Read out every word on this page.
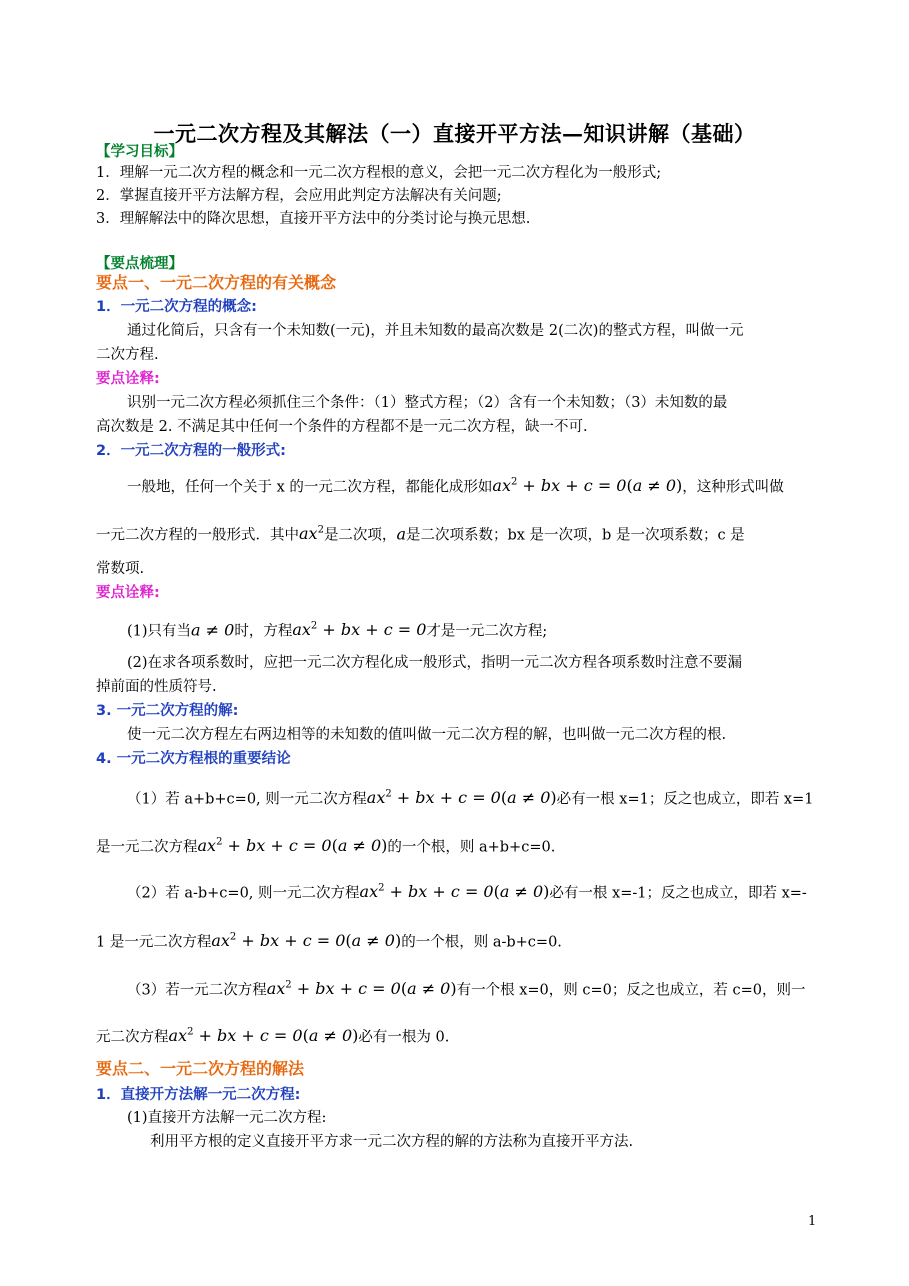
一元二次方程及其解法（一）直接开平方法—知识讲解（基础）
【学习目标】
1．理解一元二次方程的概念和一元二次方程根的意义，会把一元二次方程化为一般形式;
2．掌握直接开平方法解方程，会应用此判定方法解决有关问题;
3．理解解法中的降次思想，直接开平方法中的分类讨论与换元思想.
【要点梳理】
要点一、一元二次方程的有关概念
1．一元二次方程的概念:
通过化简后，只含有一个未知数(一元)，并且未知数的最高次数是 2(二次)的整式方程，叫做一元
二次方程.
要点诠释:
识别一元二次方程必须抓住三个条件：（1）整式方程；（2）含有一个未知数；（3）未知数的最
高次数是 2. 不满足其中任何一个条件的方程都不是一元二次方程，缺一不可.
2．一元二次方程的一般形式:
一般地，任何一个关于 x 的一元二次方程，都能化成形如$ax^2$ + bx + c = 0(a ≠ 0)，这种形式叫做
一元二次方程的一般形式．其中$ax^2$是二次项，a是二次项系数；bx 是一次项，b 是一次项系数；c 是
常数项.
要点诠释:
(1)只有当a ≠ 0时，方程$ax^2$ + bx + c = 0才是一元二次方程;
(2)在求各项系数时，应把一元二次方程化成一般形式，指明一元二次方程各项系数时注意不要漏
掉前面的性质符号.
3. 一元二次方程的解:
使一元二次方程左右两边相等的未知数的值叫做一元二次方程的解，也叫做一元二次方程的根.
4. 一元二次方程根的重要结论
（1）若 a+b+c=0, 则一元二次方程$ax^2$ + bx + c = 0(a ≠ 0)必有一根 x=1；反之也成立，即若 x=1
是一元二次方程$ax^2$ + bx + c = 0(a ≠ 0)的一个根，则 a+b+c=0.
（2）若 a-b+c=0, 则一元二次方程$ax^2$ + bx + c = 0(a ≠ 0)必有一根 x=-1；反之也成立，即若 x=-
1 是一元二次方程$ax^2$ + bx + c = 0(a ≠ 0)的一个根，则 a-b+c=0.
（3）若一元二次方程$ax^2$ + bx + c = 0(a ≠ 0)有一个根 x=0，则 c=0；反之也成立，若 c=0，则一
元二次方程$ax^2$ + bx + c = 0(a ≠ 0)必有一根为 0.
要点二、一元二次方程的解法
1．直接开方法解一元二次方程:
(1)直接开方法解一元二次方程:
利用平方根的定义直接开平方求一元二次方程的解的方法称为直接开平方法.
1
